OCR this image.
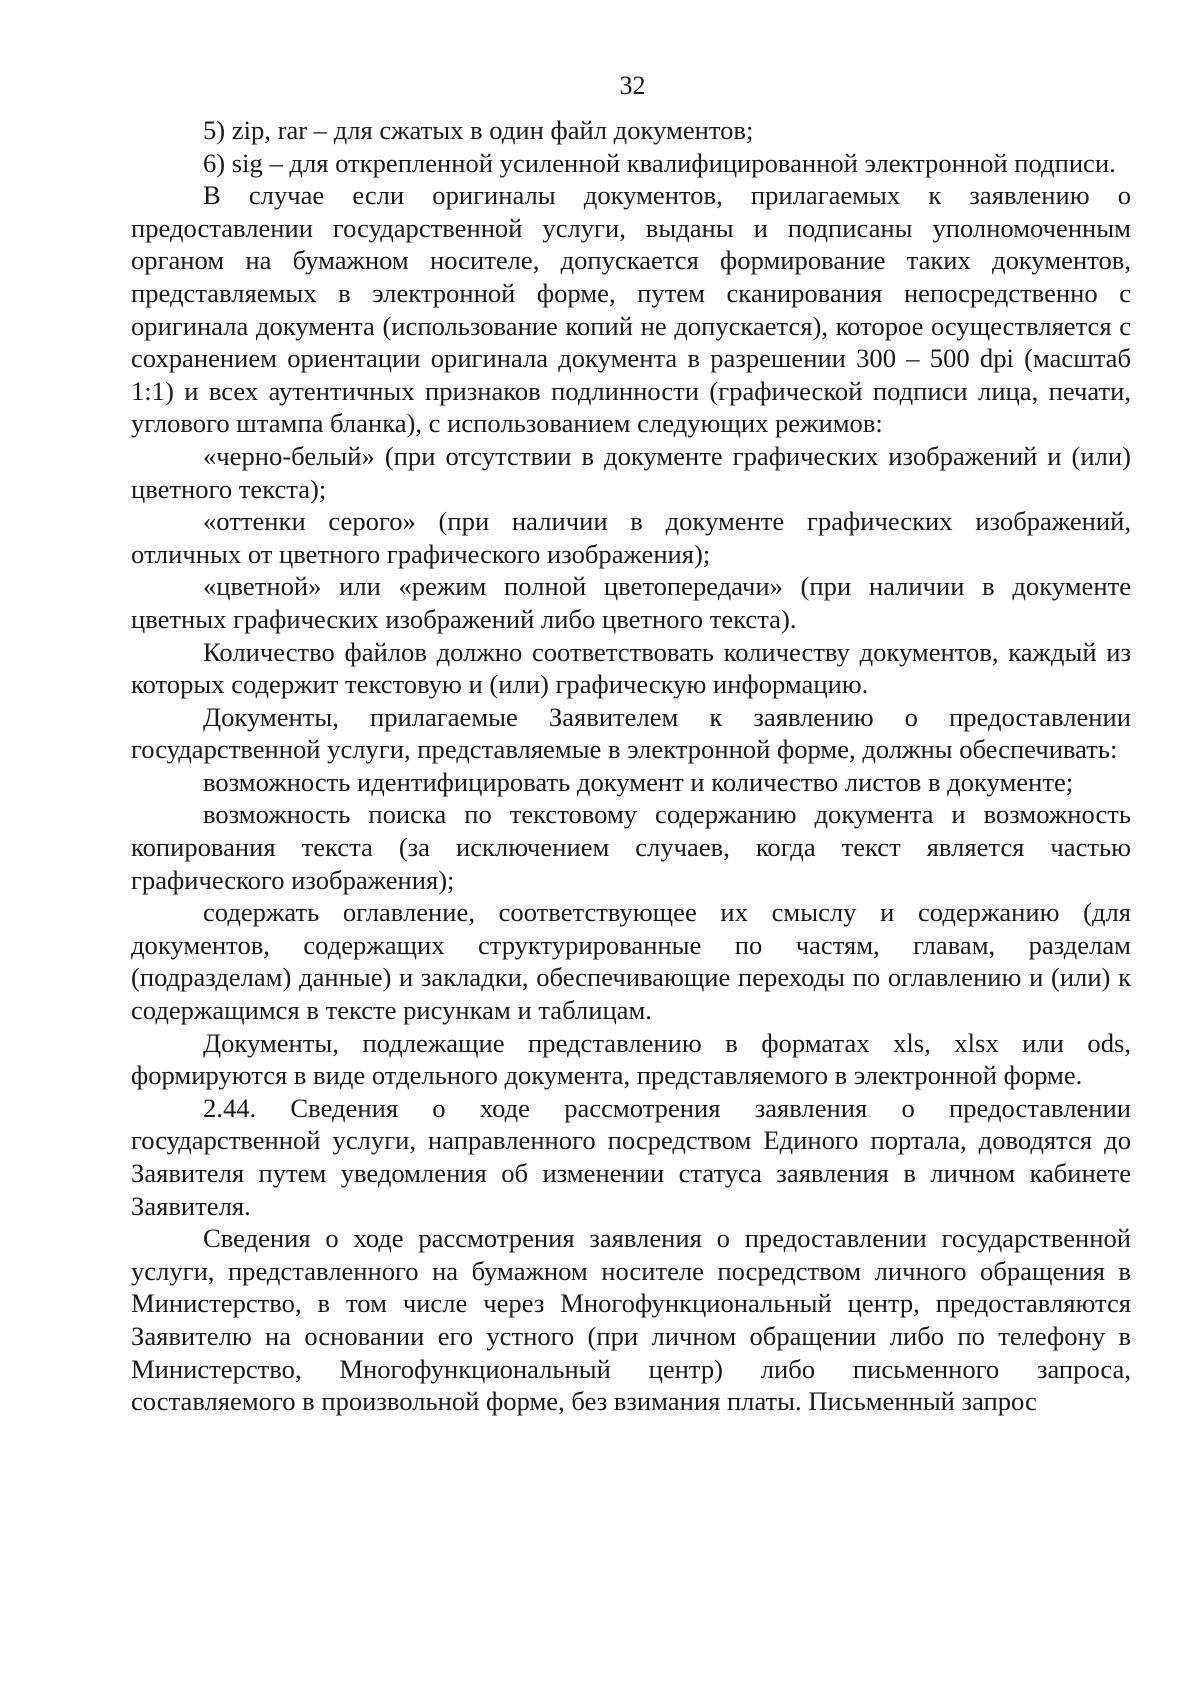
32

5) zip, rar – для сжатых в один файл документов;

6) sig – для открепленной усиленной квалифицированной электронной подписи.

В случае если оригиналы документов, прилагаемых к заявлению о предоставлении государственной услуги, выданы и подписаны уполномоченным органом на бумажном носителе, допускается формирование таких документов, представляемых в электронной форме, путем сканирования непосредственно с оригинала документа (использование копий не допускается), которое осуществляется с сохранением ориентации оригинала документа в разрешении 300 – 500 dpi (масштаб 1:1) и всех аутентичных признаков подлинности (графической подписи лица, печати, углового штампа бланка), с использованием следующих режимов:

«черно-белый» (при отсутствии в документе графических изображений и (или) цветного текста);

«оттенки серого» (при наличии в документе графических изображений, отличных от цветного графического изображения);

«цветной» или «режим полной цветопередачи» (при наличии в документе цветных графических изображений либо цветного текста).

Количество файлов должно соответствовать количеству документов, каждый из которых содержит текстовую и (или) графическую информацию.

Документы, прилагаемые Заявителем к заявлению о предоставлении государственной услуги, представляемые в электронной форме, должны обеспечивать:

возможность идентифицировать документ и количество листов в документе;

возможность поиска по текстовому содержанию документа и возможность копирования текста (за исключением случаев, когда текст является частью графического изображения);

содержать оглавление, соответствующее их смыслу и содержанию (для документов, содержащих структурированные по частям, главам, разделам (подразделам) данные) и закладки, обеспечивающие переходы по оглавлению и (или) к содержащимся в тексте рисункам и таблицам.

Документы, подлежащие представлению в форматах xls, xlsx или ods, формируются в виде отдельного документа, представляемого в электронной форме.

2.44. Сведения о ходе рассмотрения заявления о предоставлении государственной услуги, направленного посредством Единого портала, доводятся до Заявителя путем уведомления об изменении статуса заявления в личном кабинете Заявителя.

Сведения о ходе рассмотрения заявления о предоставлении государственной услуги, представленного на бумажном носителе посредством личного обращения в Министерство, в том числе через Многофункциональный центр, предоставляются Заявителю на основании его устного (при личном обращении либо по телефону в Министерство, Многофункциональный центр) либо письменного запроса, составляемого в произвольной форме, без взимания платы. Письменный запрос
